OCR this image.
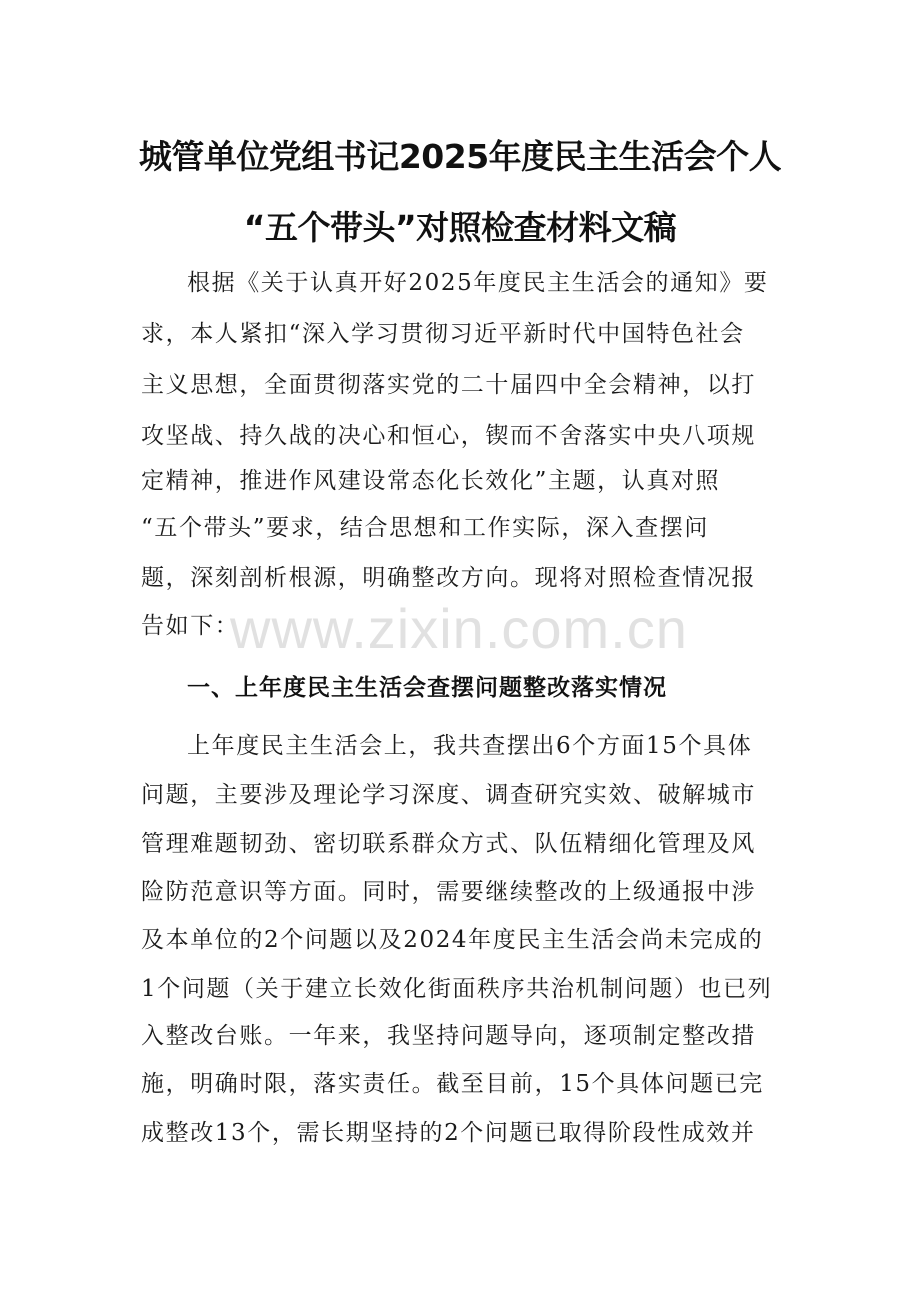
城管单位党组书记2025年度民主生活会个人
“五个带头”对照检查材料文稿
根据《关于认真开好2025年度民主生活会的通知》要
求，本人紧扣“深入学习贯彻习近平新时代中国特色社会
主义思想，全面贯彻落实党的二十届四中全会精神，以打
攻坚战、持久战的决心和恒心，锲而不舍落实中央八项规
定精神，推进作风建设常态化长效化”主题，认真对照
“五个带头”要求，结合思想和工作实际，深入查摆问
题，深刻剖析根源，明确整改方向。现将对照检查情况报
告如下：
www.zixin.com.cn
一、上年度民主生活会查摆问题整改落实情况
上年度民主生活会上，我共查摆出6个方面15个具体
问题，主要涉及理论学习深度、调查研究实效、破解城市
管理难题韧劲、密切联系群众方式、队伍精细化管理及风
险防范意识等方面。同时，需要继续整改的上级通报中涉
及本单位的2个问题以及2024年度民主生活会尚未完成的
1个问题（关于建立长效化街面秩序共治机制问题）也已列
入整改台账。一年来，我坚持问题导向，逐项制定整改措
施，明确时限，落实责任。截至目前，15个具体问题已完
成整改13个，需长期坚持的2个问题已取得阶段性成效并
